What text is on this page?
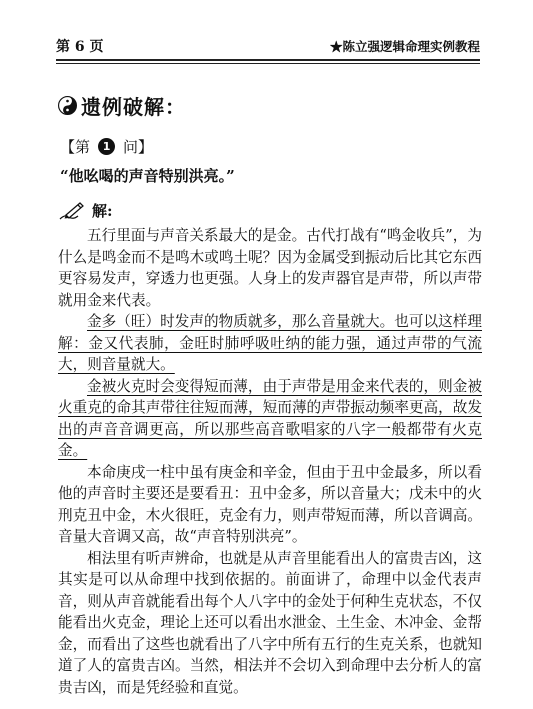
第 6 页	★陈立强逻辑命理实例教程
遗例破解：
【第	1 问】
“他吆喝的声音特别洪亮。”
解:

五行里面与声音关系最大的是金。古代打战有“鸣金收兵”，为什么是鸣金而不是鸣木或鸣土呢？因为金属受到振动后比其它东西更容易发声，穿透力也更强。人身上的发声器官是声带，所以声带就用金来代表。

金多（旺）时发声的物质就多，那么音量就大。也可以这样理解：金又代表肺，金旺时肺呼吸吐纳的能力强，通过声带的气流大，则音量就大。

金被火克时会变得短而薄，由于声带是用金来代表的，则金被火重克的命其声带往往短而薄，短而薄的声带振动频率更高，故发出的声音音调更高，所以那些高音歌唱家的八字一般都带有火克金。

本命庚戌一柱中虽有庚金和辛金，但由于丑中金最多，所以看他的声音时主要还是要看丑：丑中金多，所以音量大；戊未中的火刑克丑中金，木火很旺，克金有力，则声带短而薄，所以音调高。音量大音调又高，故“声音特别洪亮”。

相法里有听声辨命，也就是从声音里能看出人的富贵吉凶，这其实是可以从命理中找到依据的。前面讲了，命理中以金代表声音，则从声音就能看出每个人八字中的金处于何种生克状态，不仅能看出火克金，理论上还可以看出水泄金、土生金、木冲金、金帮金，而看出了这些也就看出了八字中所有五行的生克关系，也就知道了人的富贵吉凶。当然，相法并不会切入到命理中去分析人的富贵吉凶，而是凭经验和直觉。
